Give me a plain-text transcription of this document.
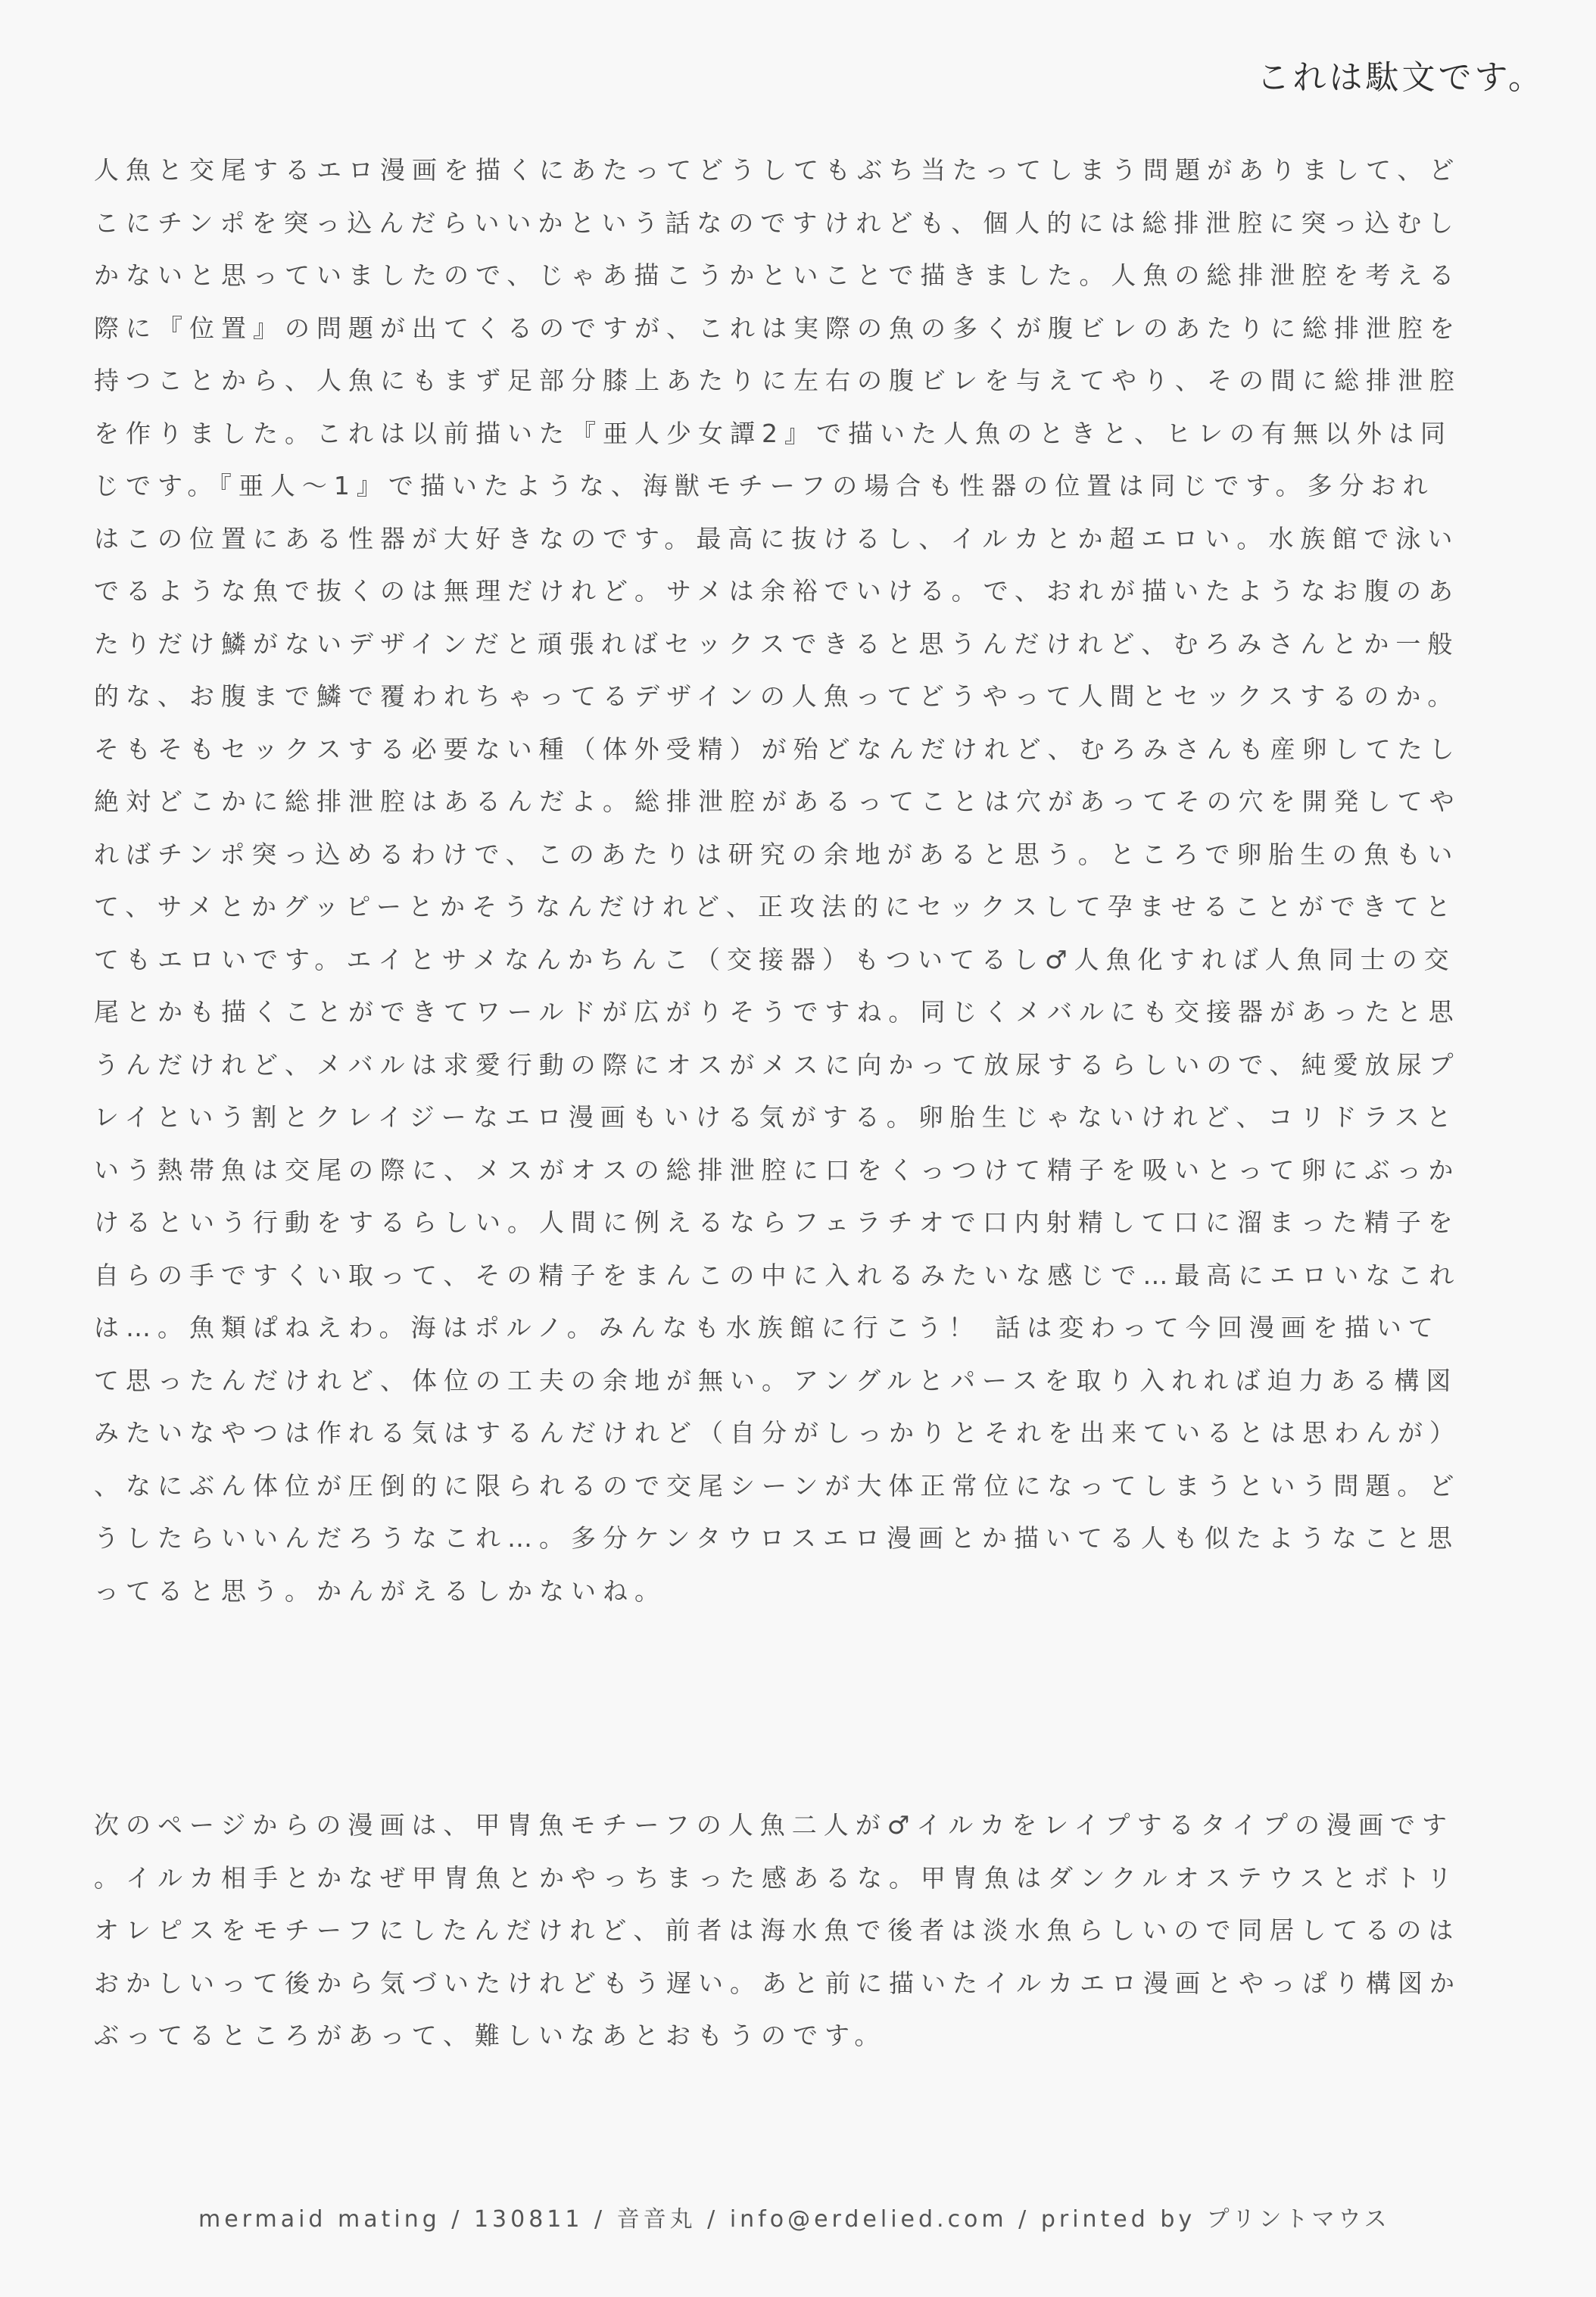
これは駄文です。
人魚と交尾するエロ漫画を描くにあたってどうしてもぶち当たってしまう問題がありまして、ど
こにチンポを突っ込んだらいいかという話なのですけれども、個人的には総排泄腔に突っ込むし
かないと思っていましたので、じゃあ描こうかといことで描きました。人魚の総排泄腔を考える
際に『位置』の問題が出てくるのですが、これは実際の魚の多くが腹ビレのあたりに総排泄腔を
持つことから、人魚にもまず足部分膝上あたりに左右の腹ビレを与えてやり、その間に総排泄腔
を作りました。これは以前描いた『亜人少女譚2』で描いた人魚のときと、ヒレの有無以外は同
じです。『亜人～1』で描いたような、海獣モチーフの場合も性器の位置は同じです。多分おれ
はこの位置にある性器が大好きなのです。最高に抜けるし、イルカとか超エロい。水族館で泳い
でるような魚で抜くのは無理だけれど。サメは余裕でいける。で、おれが描いたようなお腹のあ
たりだけ鱗がないデザインだと頑張ればセックスできると思うんだけれど、むろみさんとか一般
的な、お腹まで鱗で覆われちゃってるデザインの人魚ってどうやって人間とセックスするのか。
そもそもセックスする必要ない種（体外受精）が殆どなんだけれど、むろみさんも産卵してたし
絶対どこかに総排泄腔はあるんだよ。総排泄腔があるってことは穴があってその穴を開発してや
ればチンポ突っ込めるわけで、このあたりは研究の余地があると思う。ところで卵胎生の魚もい
て、サメとかグッピーとかそうなんだけれど、正攻法的にセックスして孕ませることができてと
てもエロいです。エイとサメなんかちんこ（交接器）もついてるし♂人魚化すれば人魚同士の交
尾とかも描くことができてワールドが広がりそうですね。同じくメバルにも交接器があったと思
うんだけれど、メバルは求愛行動の際にオスがメスに向かって放尿するらしいので、純愛放尿プ
レイという割とクレイジーなエロ漫画もいける気がする。卵胎生じゃないけれど、コリドラスと
いう熱帯魚は交尾の際に、メスがオスの総排泄腔に口をくっつけて精子を吸いとって卵にぶっか
けるという行動をするらしい。人間に例えるならフェラチオで口内射精して口に溜まった精子を
自らの手ですくい取って、その精子をまんこの中に入れるみたいな感じで…最高にエロいなこれ
は…。魚類ぱねえわ。海はポルノ。みんなも水族館に行こう！ 話は変わって今回漫画を描いて
て思ったんだけれど、体位の工夫の余地が無い。アングルとパースを取り入れれば迫力ある構図
みたいなやつは作れる気はするんだけれど（自分がしっかりとそれを出来ているとは思わんが）
、なにぶん体位が圧倒的に限られるので交尾シーンが大体正常位になってしまうという問題。ど
うしたらいいんだろうなこれ…。多分ケンタウロスエロ漫画とか描いてる人も似たようなこと思
ってると思う。かんがえるしかないね。
次のページからの漫画は、甲冑魚モチーフの人魚二人が♂イルカをレイプするタイプの漫画です
。イルカ相手とかなぜ甲冑魚とかやっちまった感あるな。甲冑魚はダンクルオステウスとボトリ
オレピスをモチーフにしたんだけれど、前者は海水魚で後者は淡水魚らしいので同居してるのは
おかしいって後から気づいたけれどもう遅い。あと前に描いたイルカエロ漫画とやっぱり構図か
ぶってるところがあって、難しいなあとおもうのです。
mermaid mating / 130811 / 音音丸 / info@erdelied.com / printed by プリントマウス
